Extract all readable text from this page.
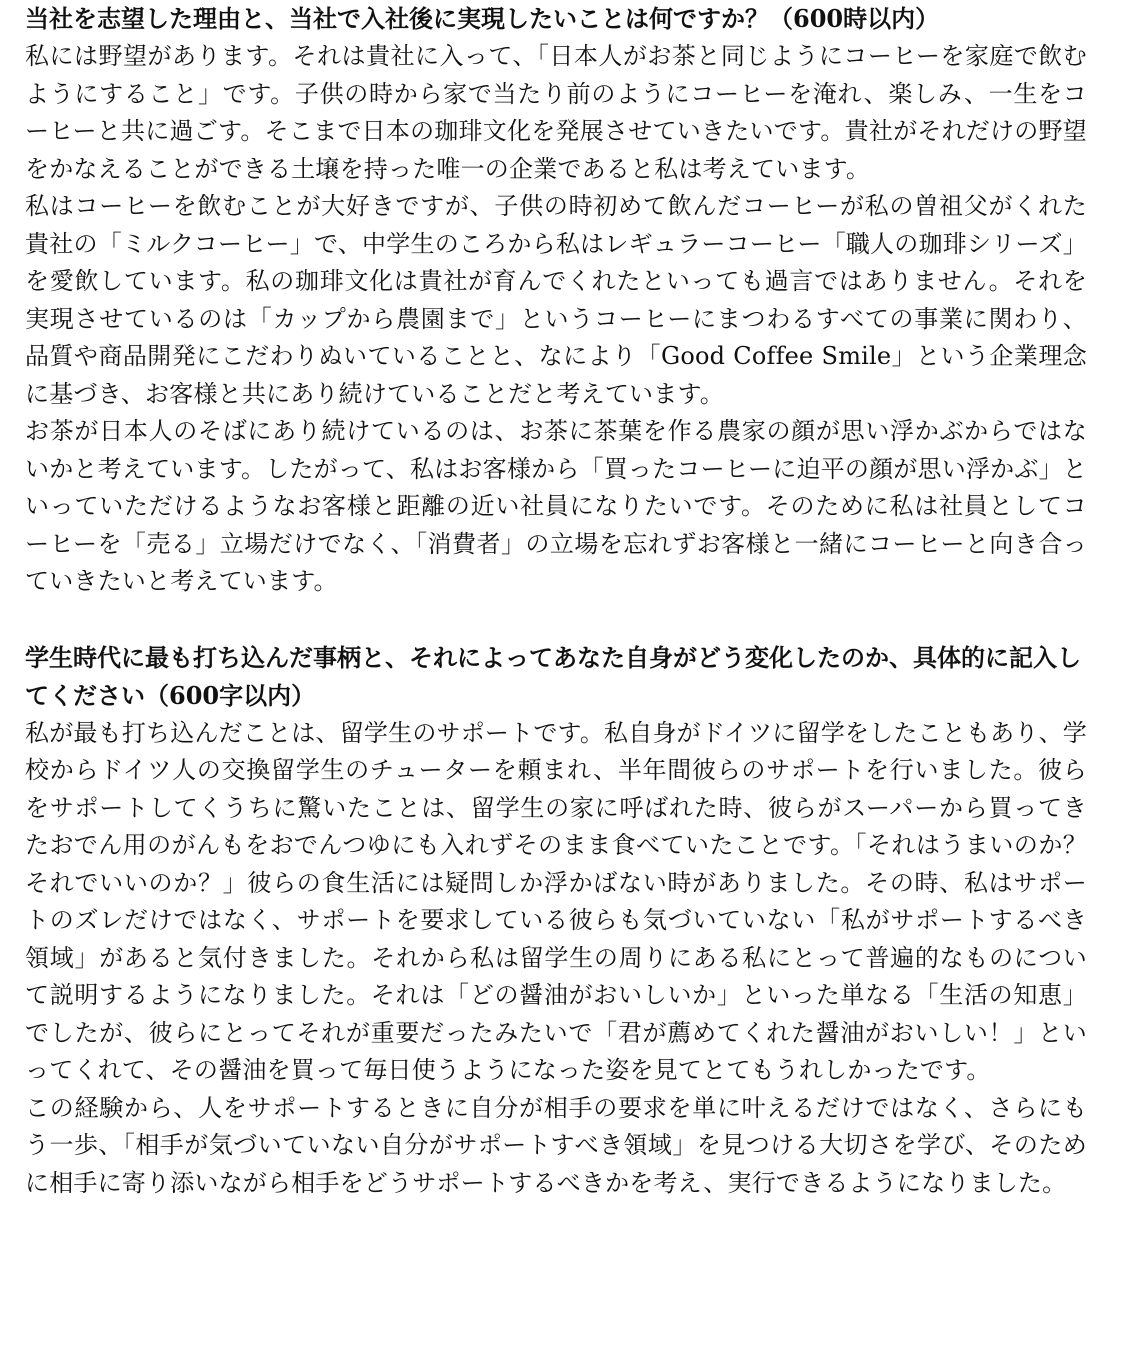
当社を志望した理由と、当社で入社後に実現したいことは何ですか？（600時以内）

私には野望があります。それは貴社に入って、「日本人がお茶と同じようにコーヒーを家庭で飲むようにすること」です。子供の時から家で当たり前のようにコーヒーを淹れ、楽しみ、一生をコーヒーと共に過ごす。そこまで日本の珈琲文化を発展させていきたいです。貴社がそれだけの野望をかなえることができる土壌を持った唯一の企業であると私は考えています。

私はコーヒーを飲むことが大好きですが、子供の時初めて飲んだコーヒーが私の曽祖父がくれた貴社の「ミルクコーヒー」で、中学生のころから私はレギュラーコーヒー「職人の珈琲シリーズ」を愛飲しています。私の珈琲文化は貴社が育んでくれたといっても過言ではありません。それを実現させているのは「カップから農園まで」というコーヒーにまつわるすべての事業に関わり、品質や商品開発にこだわりぬいていることと、なにより「Good Coffee Smile」という企業理念に基づき、お客様と共にあり続けていることだと考えています。

お茶が日本人のそばにあり続けているのは、お茶に茶葉を作る農家の顔が思い浮かぶからではないかと考えています。したがって、私はお客様から「買ったコーヒーに迫平の顔が思い浮かぶ」といっていただけるようなお客様と距離の近い社員になりたいです。そのために私は社員としてコーヒーを「売る」立場だけでなく、「消費者」の立場を忘れずお客様と一緒にコーヒーと向き合っていきたいと考えています。

学生時代に最も打ち込んだ事柄と、それによってあなた自身がどう変化したのか、具体的に記入してください（600字以内）

私が最も打ち込んだことは、留学生のサポートです。私自身がドイツに留学をしたこともあり、学校からドイツ人の交換留学生のチューターを頼まれ、半年間彼らのサポートを行いました。彼らをサポートしてくうちに驚いたことは、留学生の家に呼ばれた時、彼らがスーパーから買ってきたおでん用のがんもをおでんつゆにも入れずそのまま食べていたことです。「それはうまいのか？それでいいのか？」彼らの食生活には疑問しか浮かばない時がありました。その時、私はサポートのズレだけではなく、サポートを要求している彼らも気づいていない「私がサポートするべき領域」があると気付きました。それから私は留学生の周りにある私にとって普遍的なものについて説明するようになりました。それは「どの醤油がおいしいか」といった単なる「生活の知恵」でしたが、彼らにとってそれが重要だったみたいで「君が薦めてくれた醤油がおいしい！」といってくれて、その醤油を買って毎日使うようになった姿を見てとてもうれしかったです。

この経験から、人をサポートするときに自分が相手の要求を単に叶えるだけではなく、さらにもう一歩、「相手が気づいていない自分がサポートすべき領域」を見つける大切さを学び、そのために相手に寄り添いながら相手をどうサポートするべきかを考え、実行できるようになりました。
